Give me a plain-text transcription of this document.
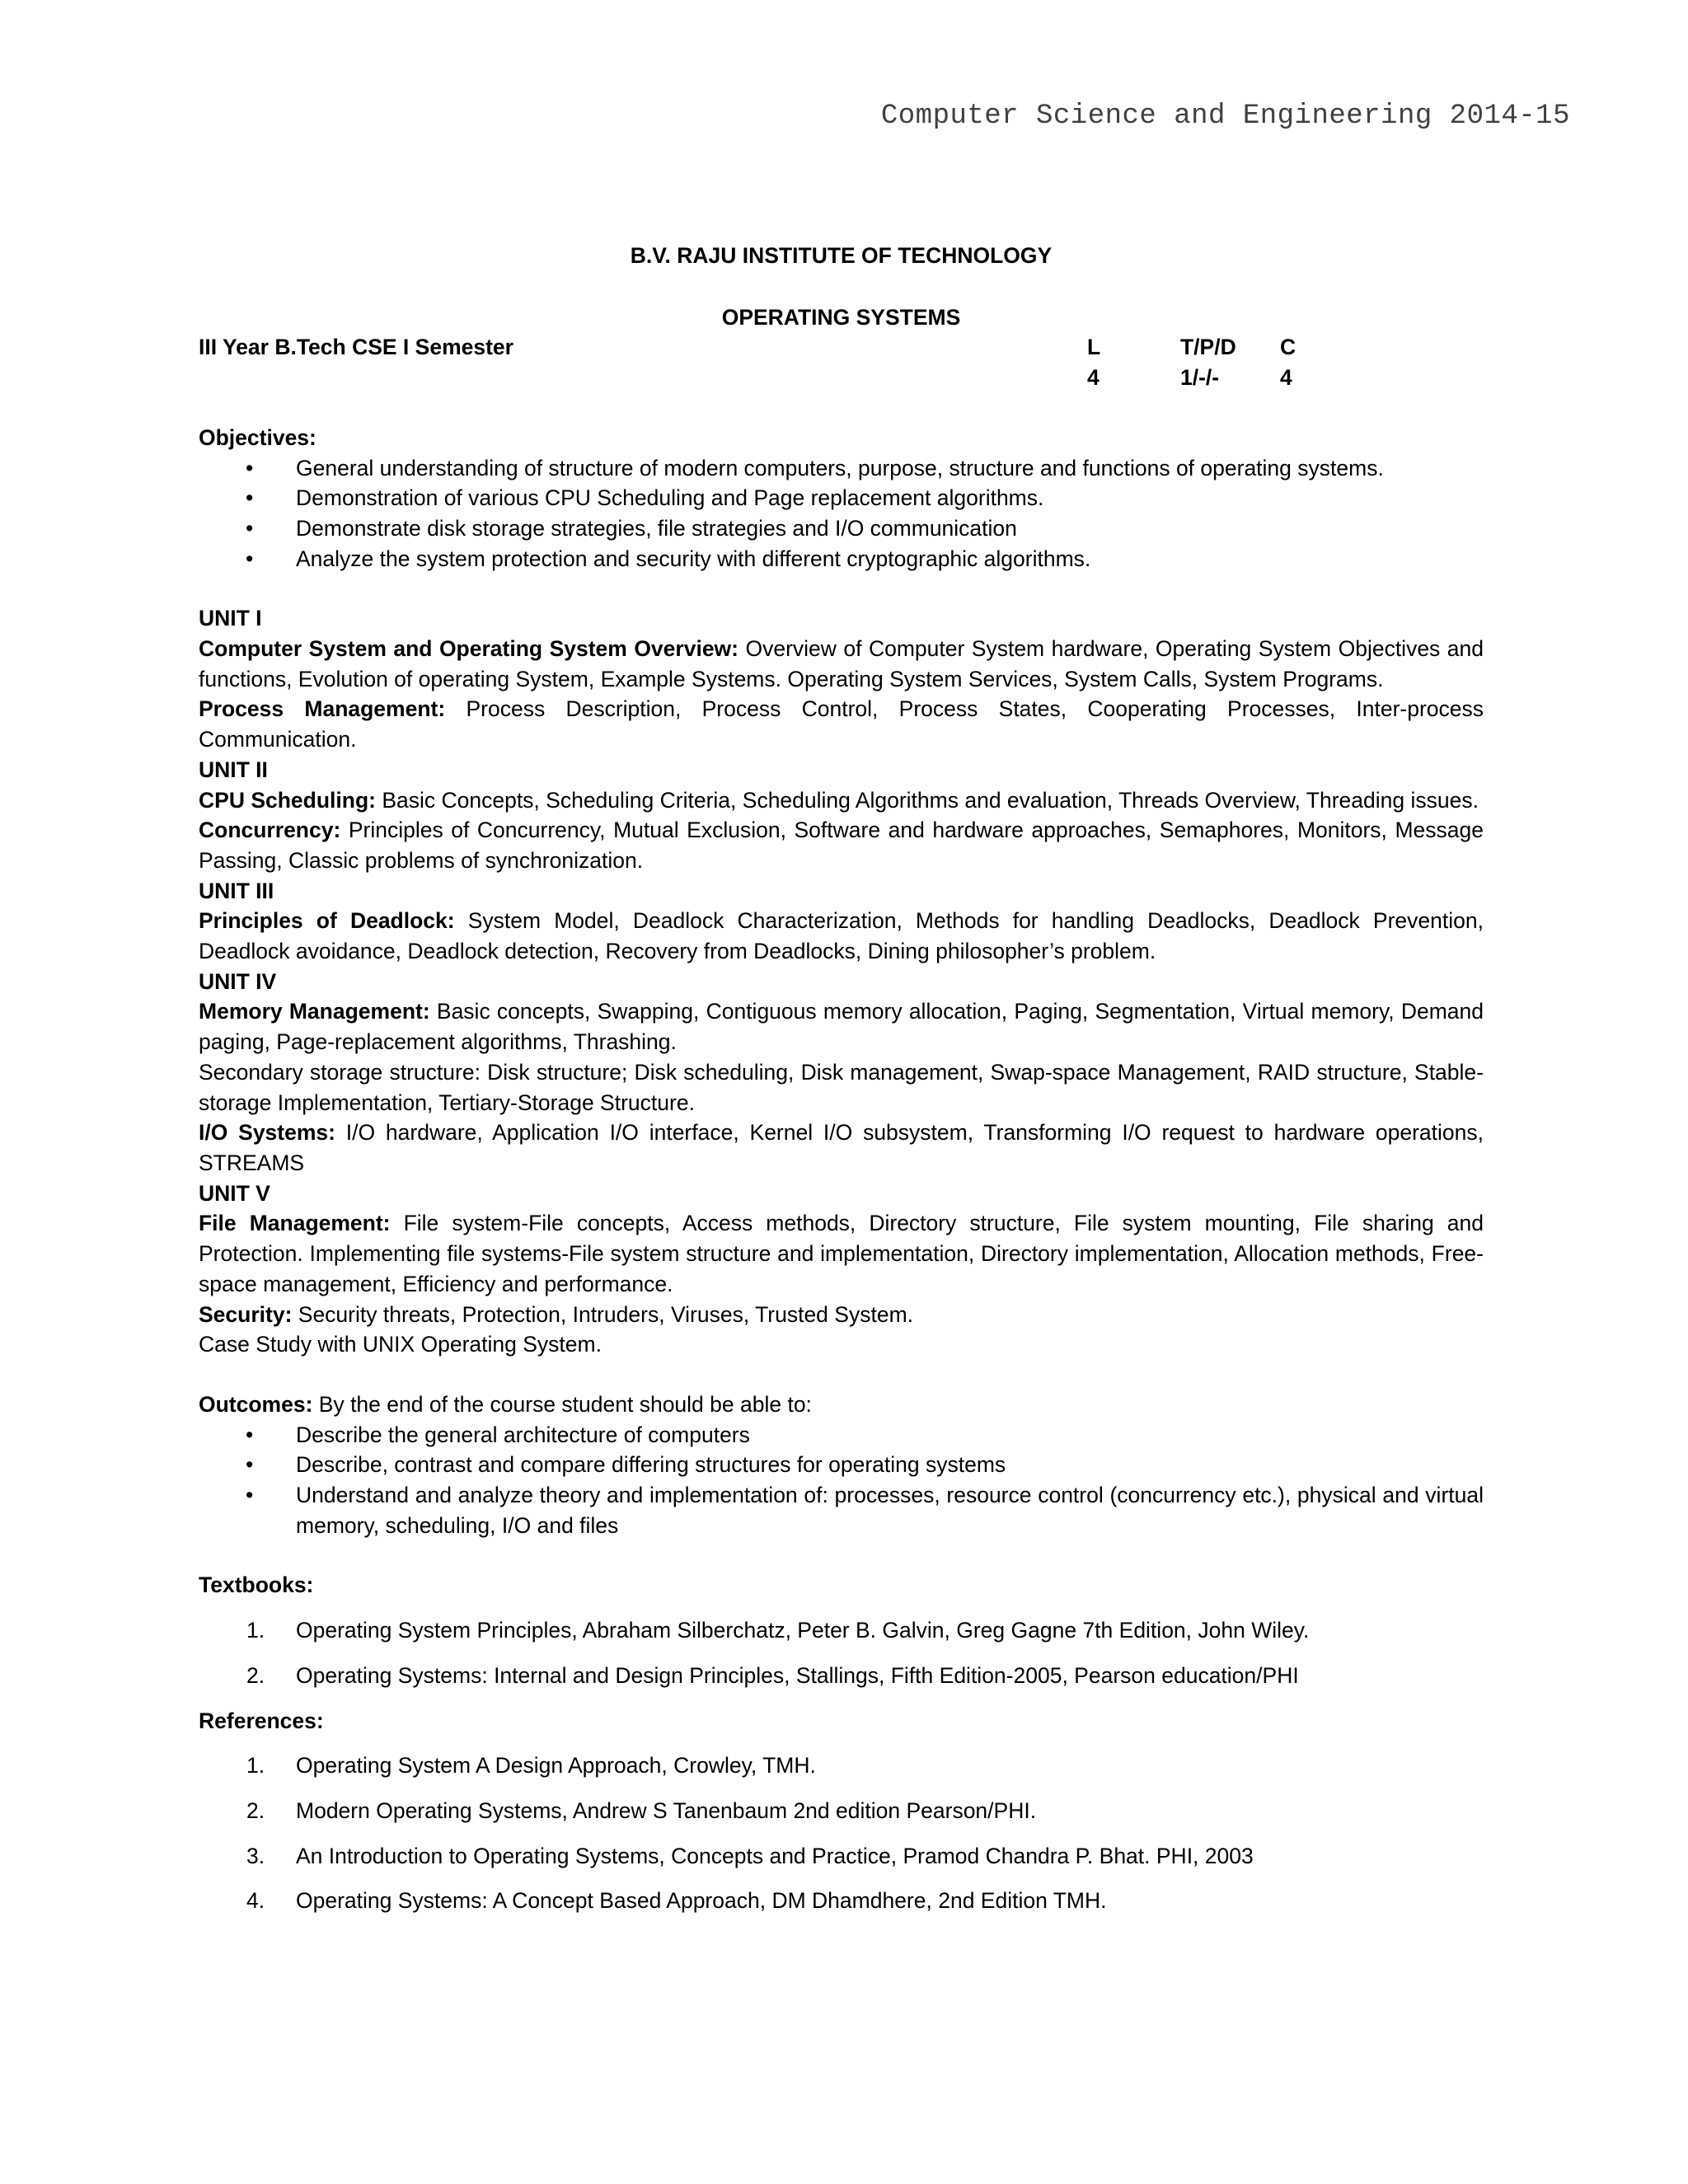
Computer Science and Engineering 2014-15
B.V. RAJU INSTITUTE OF TECHNOLOGY
OPERATING SYSTEMS
III Year B.Tech CSE I Semester	L	T/P/D	C
4	1/-/-	4
Objectives:
• General understanding of structure of modern computers, purpose, structure and functions of operating systems.
• Demonstration of various CPU Scheduling and Page replacement algorithms.
• Demonstrate disk storage strategies, file strategies and I/O communication
• Analyze the system protection and security with different cryptographic algorithms.
UNIT I

Computer System and Operating System Overview: Overview of Computer System hardware, Operating System Objectives and functions, Evolution of operating System, Example Systems. Operating System Services, System Calls, System Programs.

Process Management: Process Description, Process Control, Process States, Cooperating Processes, Inter-process Communication.

UNIT II

CPU Scheduling: Basic Concepts, Scheduling Criteria, Scheduling Algorithms and evaluation, Threads Overview, Threading issues.

Concurrency: Principles of Concurrency, Mutual Exclusion, Software and hardware approaches, Semaphores, Monitors, Message Passing, Classic problems of synchronization.

UNIT III

Principles of Deadlock: System Model, Deadlock Characterization, Methods for handling Deadlocks, Deadlock Prevention, Deadlock avoidance, Deadlock detection, Recovery from Deadlocks, Dining philosopher’s problem.

UNIT IV

Memory Management: Basic concepts, Swapping, Contiguous memory allocation, Paging, Segmentation, Virtual memory, Demand paging, Page-replacement algorithms, Thrashing.

Secondary storage structure: Disk structure; Disk scheduling, Disk management, Swap-space Management, RAID structure, Stable-storage Implementation, Tertiary-Storage Structure.

I/O Systems: I/O hardware, Application I/O interface, Kernel I/O subsystem, Transforming I/O request to hardware operations, STREAMS

UNIT V

File Management: File system-File concepts, Access methods, Directory structure, File system mounting, File sharing and Protection. Implementing file systems-File system structure and implementation, Directory implementation, Allocation methods, Free-space management, Efficiency and performance.

Security: Security threats, Protection, Intruders, Viruses, Trusted System.

Case Study with UNIX Operating System.

Outcomes: By the end of the course student should be able to:

• Describe the general architecture of computers
• Describe, contrast and compare differing structures for operating systems
• Understand and analyze theory and implementation of: processes, resource control (concurrency etc.), physical and virtual memory, scheduling, I/O and files
Textbooks:
1. Operating System Principles, Abraham Silberchatz, Peter B. Galvin, Greg Gagne 7th Edition, John Wiley.
2. Operating Systems: Internal and Design Principles, Stallings, Fifth Edition-2005, Pearson education/PHI
References:
1. Operating System A Design Approach, Crowley, TMH.
2. Modern Operating Systems, Andrew S Tanenbaum 2nd edition Pearson/PHI.
3. An Introduction to Operating Systems, Concepts and Practice, Pramod Chandra P. Bhat. PHI, 2003
4. Operating Systems: A Concept Based Approach, DM Dhamdhere, 2nd Edition TMH.
